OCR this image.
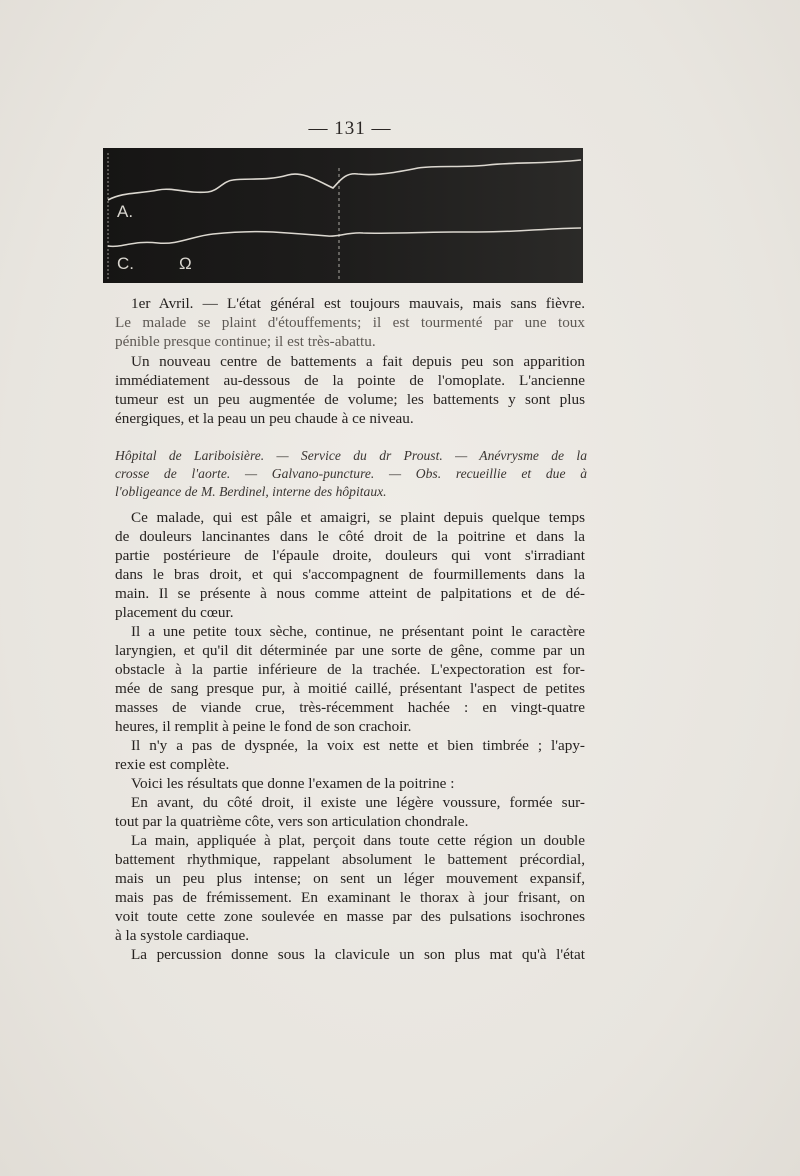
— 131 —
A.
C.	Ω
1er Avril. — L'état général est toujours mauvais, mais sans fièvre.
Le malade se plaint d'étouffements; il est tourmenté par une toux
pénible presque continue; il est très-abattu.
Un nouveau centre de battements a fait depuis peu son apparition
immédiatement au-dessous de la pointe de l'omoplate. L'ancienne
tumeur est un peu augmentée de volume; les battements y sont plus
énergiques, et la peau un peu chaude à ce niveau.
Hôpital de Lariboisière. — Service du dr Proust. — Anévrysme de la
crosse de l'aorte. — Galvano-puncture. — Obs. recueillie et due à
l'obligeance de M. Berdinel, interne des hôpitaux.
Ce malade, qui est pâle et amaigri, se plaint depuis quelque temps
de douleurs lancinantes dans le côté droit de la poitrine et dans la
partie postérieure de l'épaule droite, douleurs qui vont s'irradiant
dans le bras droit, et qui s'accompagnent de fourmillements dans la
main. Il se présente à nous comme atteint de palpitations et de dé-
placement du cœur.
Il a une petite toux sèche, continue, ne présentant point le caractère
laryngien, et qu'il dit déterminée par une sorte de gêne, comme par un
obstacle à la partie inférieure de la trachée. L'expectoration est for-
mée de sang presque pur, à moitié caillé, présentant l'aspect de petites
masses de viande crue, très-récemment hachée : en vingt-quatre
heures, il remplit à peine le fond de son crachoir.
Il n'y a pas de dyspnée, la voix est nette et bien timbrée ; l'apy-
rexie est complète.
Voici les résultats que donne l'examen de la poitrine :
En avant, du côté droit, il existe une légère voussure, formée sur-
tout par la quatrième côte, vers son articulation chondrale.
La main, appliquée à plat, perçoit dans toute cette région un double
battement rhythmique, rappelant absolument le battement précordial,
mais un peu plus intense; on sent un léger mouvement expansif,
mais pas de frémissement. En examinant le thorax à jour frisant, on
voit toute cette zone soulevée en masse par des pulsations isochrones
à la systole cardiaque.
La percussion donne sous la clavicule un son plus mat qu'à l'état
